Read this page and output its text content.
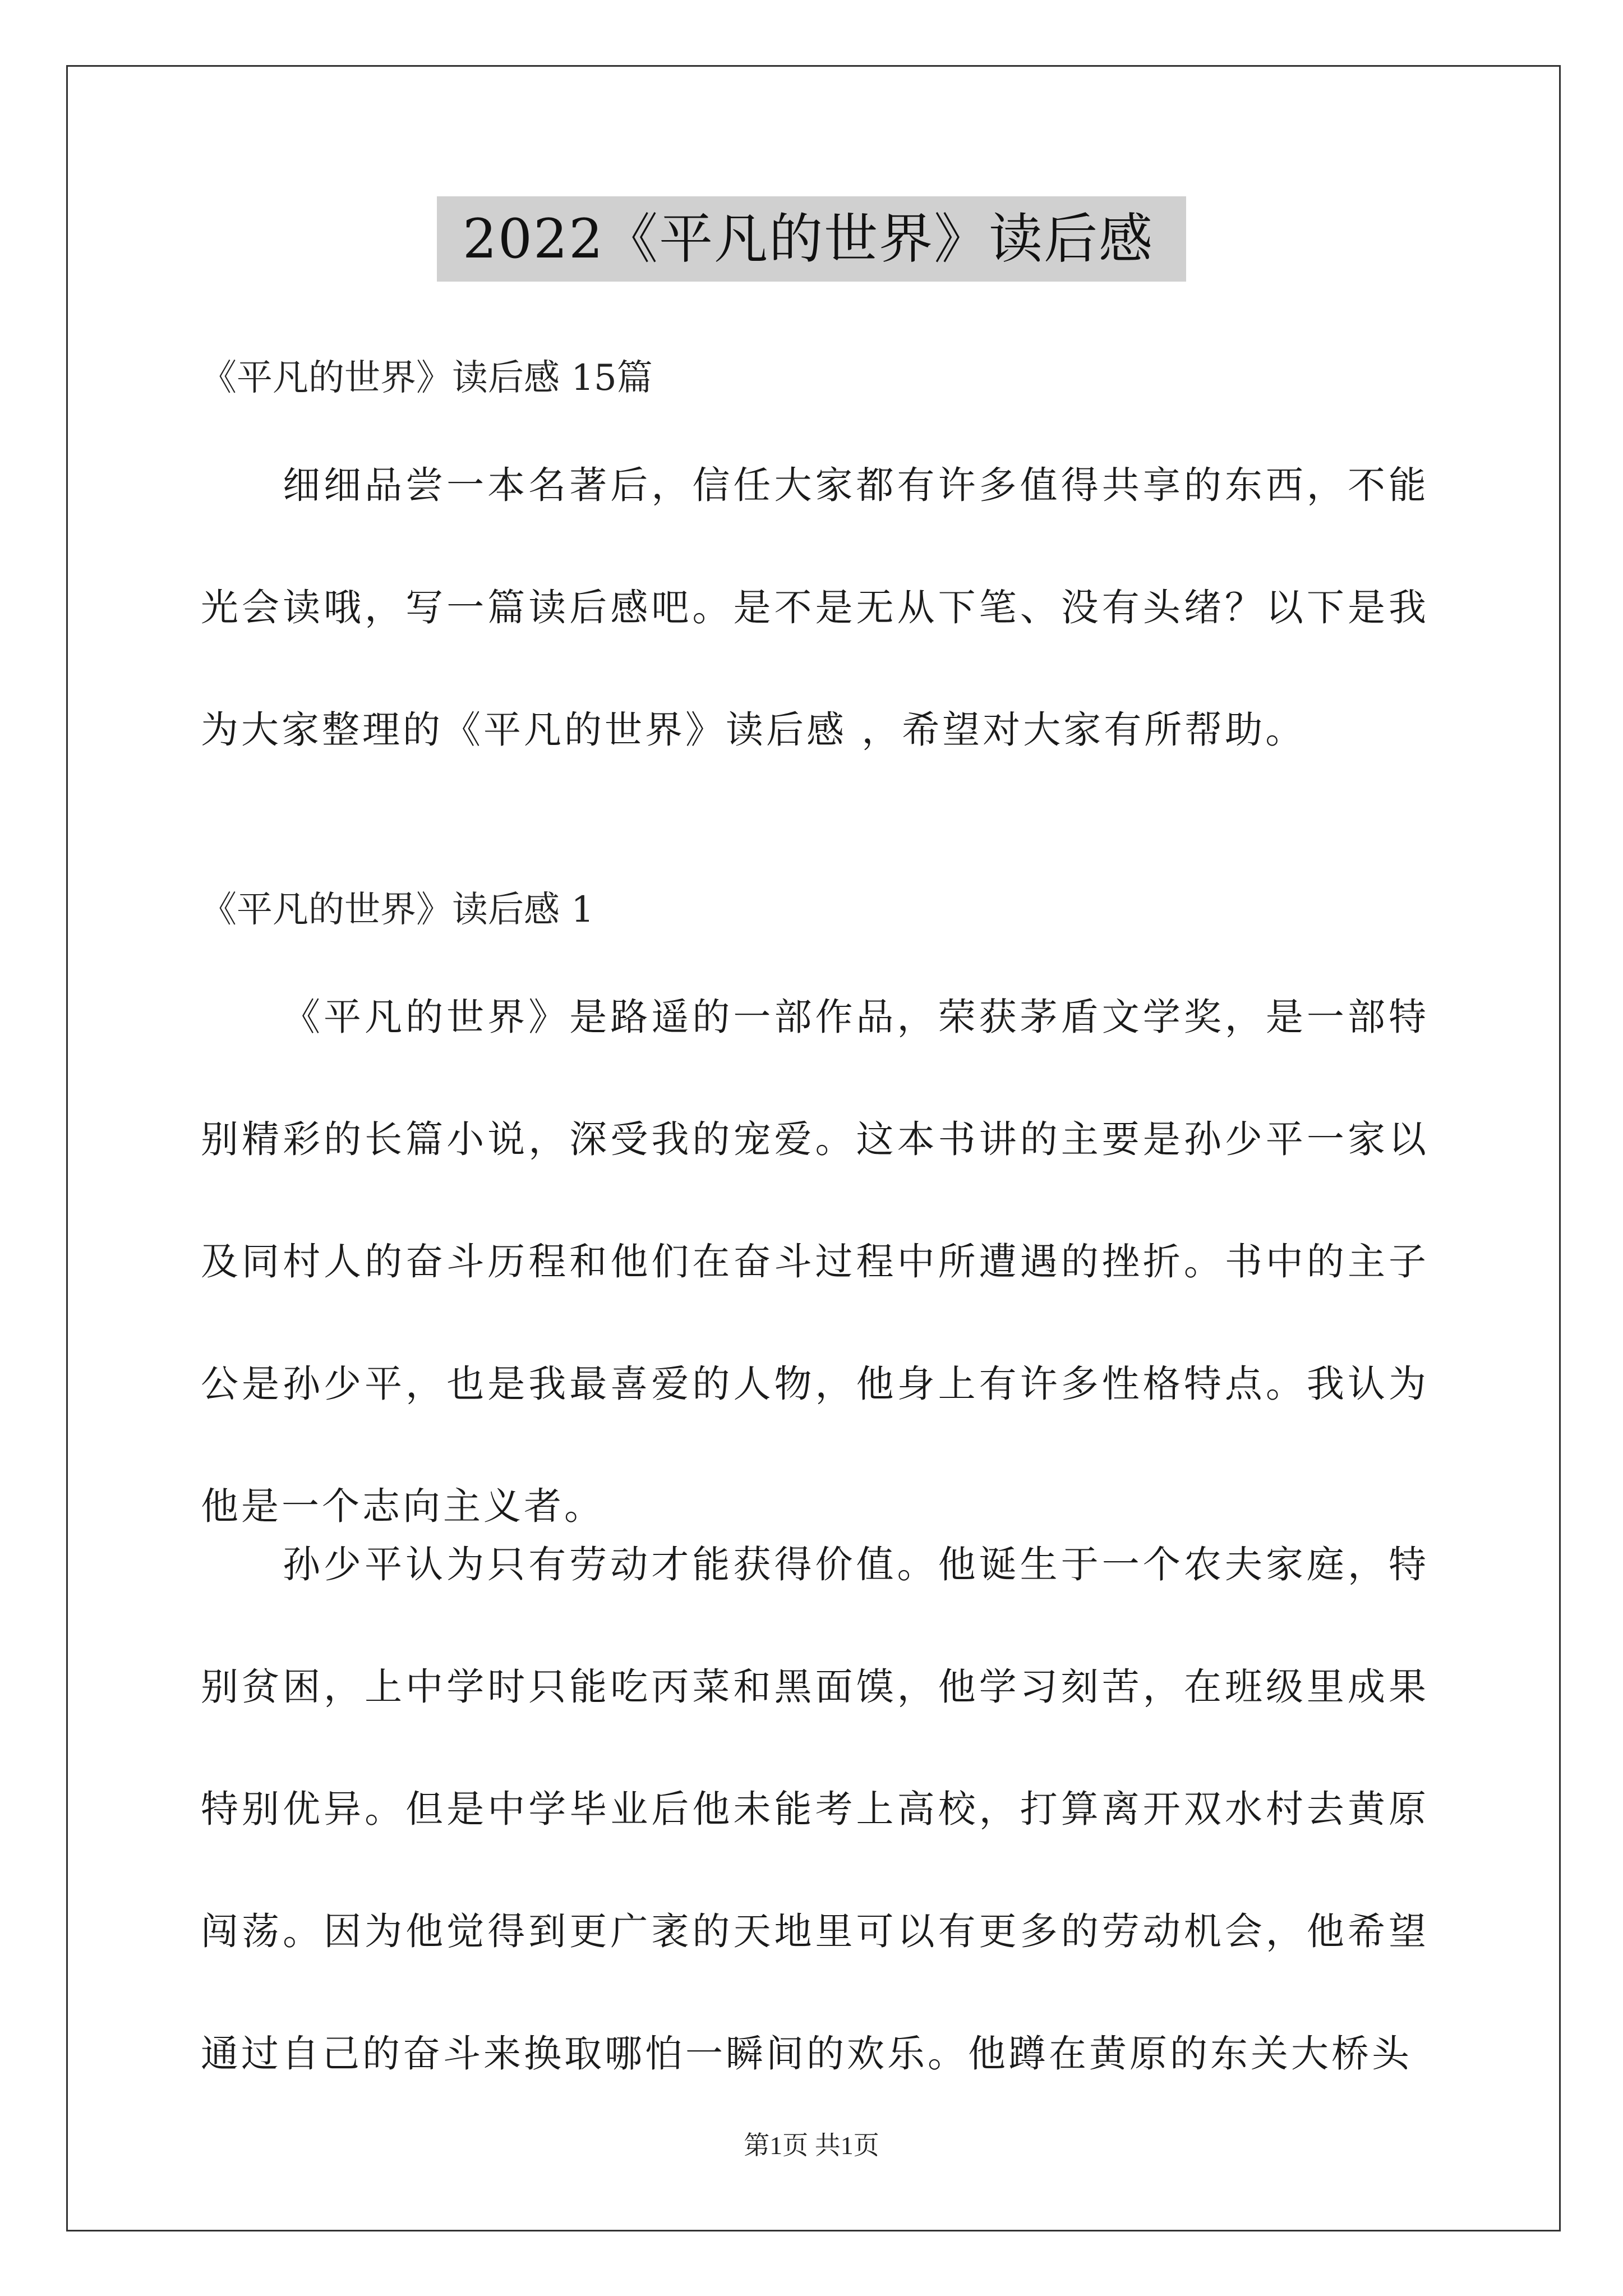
2022《平凡的世界》读后感
《平凡的世界》读后感 15篇

细细品尝一本名著后，信任大家都有许多值得共享的东西，不能光会读哦，写一篇读后感吧。是不是无从下笔、没有头绪？以下是我为大家整理的《平凡的世界》读后感 ，希望对大家有所帮助。

《平凡的世界》读后感 1

《平凡的世界》是路遥的一部作品，荣获茅盾文学奖，是一部特别精彩的长篇小说，深受我的宠爱。这本书讲的主要是孙少平一家以及同村人的奋斗历程和他们在奋斗过程中所遭遇的挫折。书中的主子公是孙少平，也是我最喜爱的人物，他身上有许多性格特点。我认为他是一个志向主义者。

孙少平认为只有劳动才能获得价值。他诞生于一个农夫家庭，特别贫困，上中学时只能吃丙菜和黑面馍，他学习刻苦，在班级里成果特别优异。但是中学毕业后他未能考上高校，打算离开双水村去黄原闯荡。因为他觉得到更广袤的天地里可以有更多的劳动机会，他希望通过自己的奋斗来换取哪怕一瞬间的欢乐。他蹲在黄原的东关大桥头

第1页 共1页
